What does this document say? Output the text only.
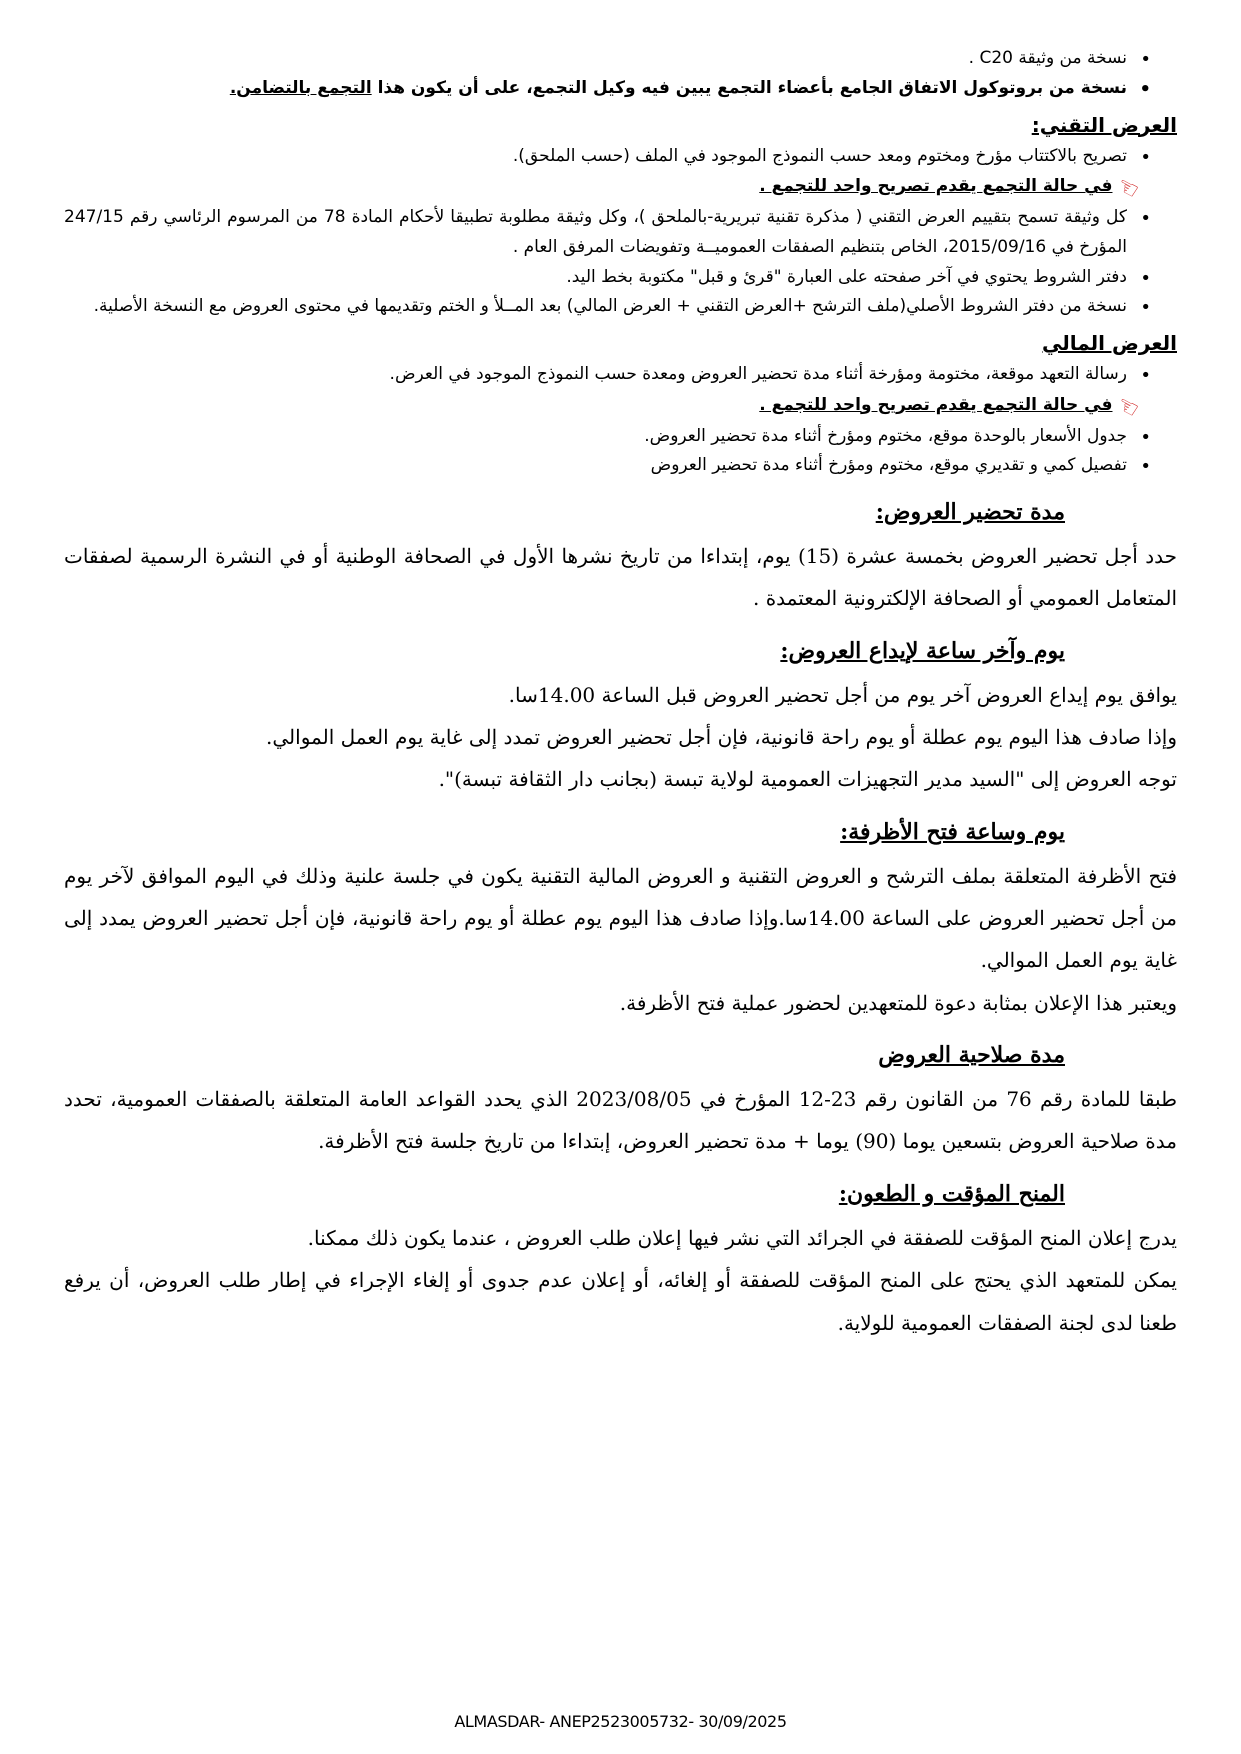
• نسخة من وثيقة C20 .
• نسخة من بروتوكول الاتفاق الجامع بأعضاء التجمع يبين فيه وكيل التجمع، على أن يكون هذا التجمع بالتضامن.
العرض التقني:
• تصريح بالاكتتاب مؤرخ ومختوم ومعد حسب النموذج الموجود في الملف (حسب الملحق).
☜في حالة التجمع يقدم تصريح واحد للتجمع .
• كل وثيقة تسمح بتقييم العرض التقني ( مذكرة تقنية تبريرية-بالملحق )، وكل وثيقة مطلوبة تطبيقا لأحكام المادة 78 من المرسوم الرئاسي رقم 247/15 المؤرخ في 2015/09/16، الخاص بتنظيم الصفقات العموميــة وتفويضات المرفق العام .
• دفتر الشروط يحتوي في آخر صفحته على العبارة "قرئ و قبل" مكتوبة بخط اليد.
• نسخة من دفتر الشروط الأصلي(ملف الترشح +العرض التقني + العرض المالي) بعد المــلأ و الختم وتقديمها في محتوى العروض مع النسخة الأصلية.
العرض المالي
• رسالة التعهد موقعة، مختومة ومؤرخة أثناء مدة تحضير العروض ومعدة حسب النموذج الموجود في العرض.
☜في حالة التجمع يقدم تصريح واحد للتجمع .
• جدول الأسعار بالوحدة موقع، مختوم ومؤرخ أثناء مدة تحضير العروض.
• تفصيل كمي و تقديري موقع، مختوم ومؤرخ أثناء مدة تحضير العروض
مدة تحضير العروض:

حدد أجل تحضير العروض بخمسة عشرة (15) يوم، إبتداءا من تاريخ نشرها الأول في الصحافة الوطنية أو في النشرة الرسمية لصفقات المتعامل العمومي أو الصحافة الإلكترونية المعتمدة .

يوم وآخر ساعة لإيداع العروض:

يوافق يوم إيداع العروض آخر يوم من أجل تحضير العروض قبل الساعة 14.00سا.

وإذا صادف هذا اليوم يوم عطلة أو يوم راحة قانونية، فإن أجل تحضير العروض تمدد إلى غاية يوم العمل الموالي.

توجه العروض إلى "السيد مدير التجهيزات العمومية لولاية تبسة (بجانب دار الثقافة تبسة)".

يوم وساعة فتح الأظرفة:

فتح الأظرفة المتعلقة بملف الترشح و العروض التقنية و العروض المالية التقنية يكون في جلسة علنية وذلك في اليوم الموافق لآخر يوم من أجل تحضير العروض على الساعة 14.00سا.وإذا صادف هذا اليوم يوم عطلة أو يوم راحة قانونية، فإن أجل تحضير العروض يمدد إلى غاية يوم العمل الموالي.

ويعتبر هذا الإعلان بمثابة دعوة للمتعهدين لحضور عملية فتح الأظرفة.

مدة صلاحية العروض

طبقا للمادة رقم 76 من القانون رقم 23-12 المؤرخ في 2023/08/05 الذي يحدد القواعد العامة المتعلقة بالصفقات العمومية، تحدد مدة صلاحية العروض بتسعين يوما (90) يوما + مدة تحضير العروض، إبتداءا من تاريخ جلسة فتح الأظرفة.

المنح المؤقت و الطعون:

يدرج إعلان المنح المؤقت للصفقة في الجرائد التي نشر فيها إعلان طلب العروض ، عندما يكون ذلك ممكنا.

يمكن للمتعهد الذي يحتج على المنح المؤقت للصفقة أو إلغائه، أو إعلان عدم جدوى أو إلغاء الإجراء في إطار طلب العروض، أن يرفع طعنا لدى لجنة الصفقات العمومية للولاية.

ALMASDAR- ANEP2523005732- 30/09/2025
